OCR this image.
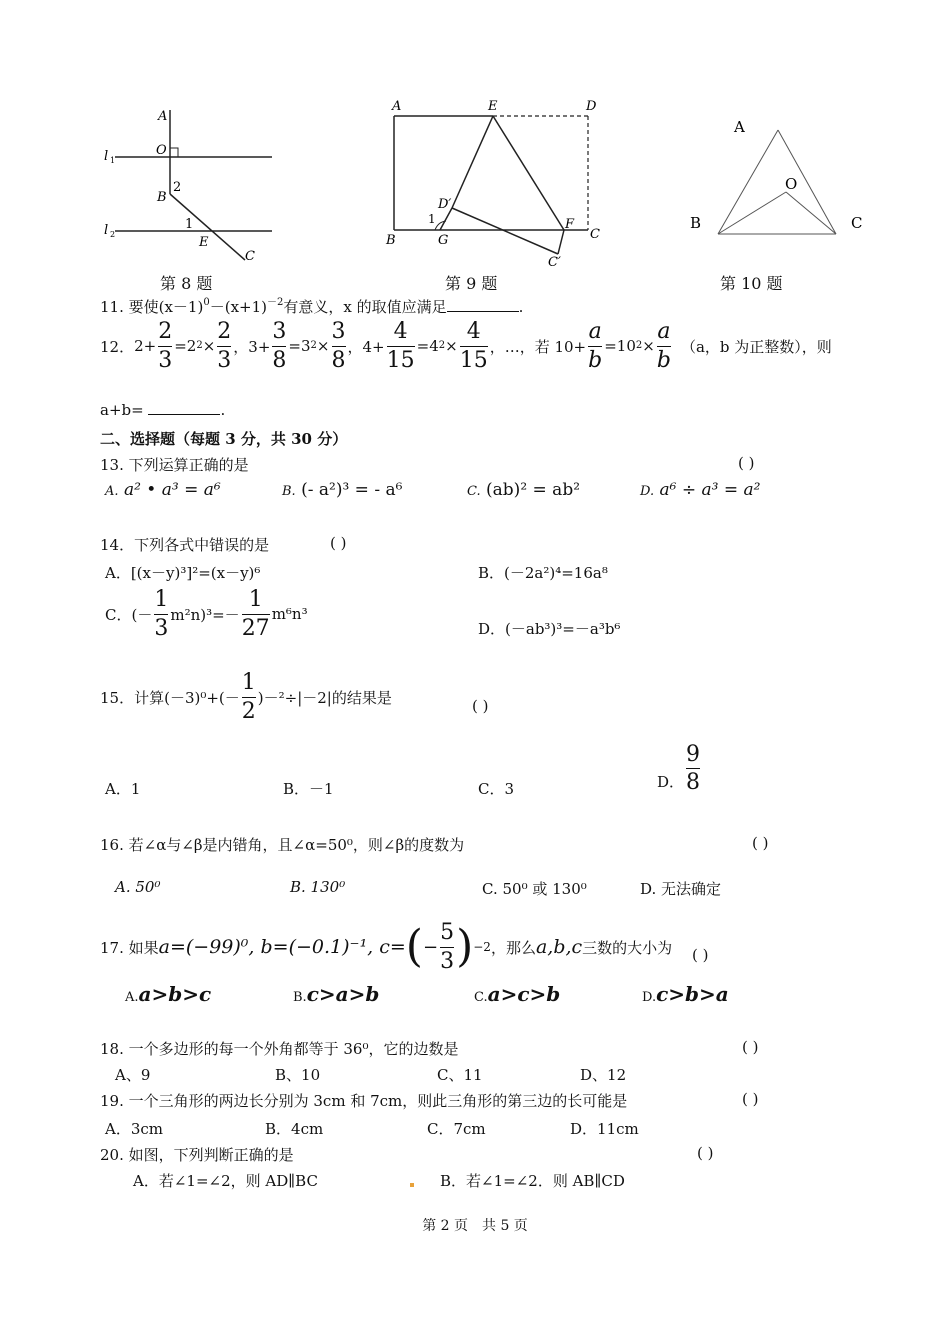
A
O
l 1
B
2
l 2
1
E
C
第 8 题
A	E	D
D′
1	F
B	G	C
C′
第 9 题
A
O
B	C
第 10 题
11. 要使$(x-1)^0-(x+1)^{-2}$有意义，x 的取值应满足	.
12． $2+ \frac{2}{3} =2$ $2 \times \frac{2}{3}$ ，$3+ \frac{3}{8} =3$ $2 \times \frac{3}{8}$ ，$4+ \frac{4}{15} =4$ $2 \times \frac{4}{15}$ ，…，若 $10+ \frac{a}{b} =10$ $2 \times \frac{a}{b} (a$，b 为正整数），则
a+b=	.
二、选择题（每题 3 分，共 30 分）
13. 下列运算正确的是	( )
A. a² • a³ = a⁶	B. (- a²)³ = - a⁶	C. (ab)² = ab²	D. a⁶ ÷ a³ = a²
14．下列各式中错误的是	( )
A．[(x－y)³]²=(x－y)⁶	B．(－2a²)⁴=16a⁸
C．(－ $\frac{1}{3} m^2n)^3=- \frac{1}{27} m^6n^3$
D．(－ab³)³=－a³b⁶
15．计算$(-3)^0+(- \frac{1}{2} )-^2\div|-2|$的结果是	( )
A．1	B．－1	C．3	D． $\frac{9}{8}$
16. 若∠α与∠β是内错角，且∠α=50⁰，则∠β的度数为	( )
A. 50⁰	B. 130⁰	C. 50⁰ 或 130⁰	D. 无法确定
17. 如果 a=(−99)⁰, b=(−0.1)⁻¹, c= ( − $\frac{5}{3}$ ) −2 ，那么 a,b,c 三数的大小为 ( )
A.a>b>c	B.c>a>b	C.a>c>b	D.c>b>a
18. 一个多边形的每一个外角都等于 36⁰，它的边数是	( )
A、9	B、10	C、11	D、12
19. 一个三角形的两边长分别为 3cm 和 7cm，则此三角形的第三边的长可能是	( )
A．3cm	B．4cm	C．7cm	D．11cm
20. 如图，下列判断正确的是	( )
A．若∠1=∠2，则 AD∥BC	B．若∠1=∠2．则 AB∥CD
第 2 页　共 5 页
